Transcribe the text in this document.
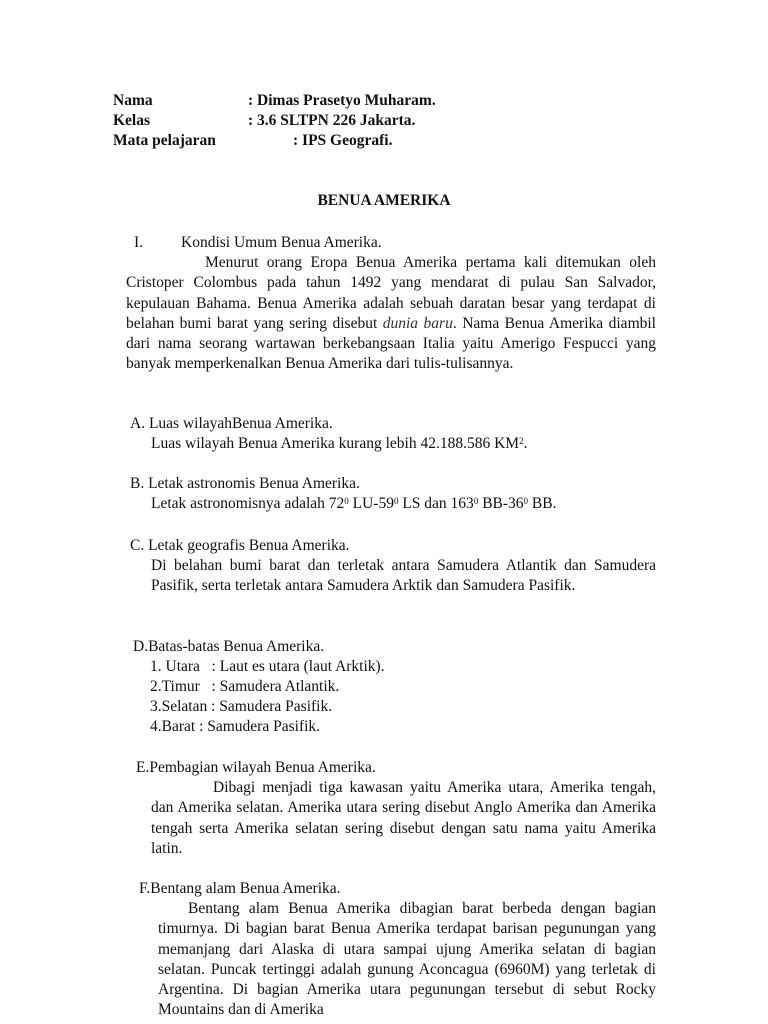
Nama	: Dimas Prasetyo Muharam.
Kelas	: 3.6 SLTPN 226 Jakarta.
Mata pelajaran	: IPS Geografi.
BENUA AMERIKA
I. Kondisi Umum Benua Amerika.
Menurut orang Eropa Benua Amerika pertama kali ditemukan oleh Cristoper Colombus pada tahun 1492 yang mendarat di pulau San Salvador, kepulauan Bahama. Benua Amerika adalah sebuah daratan besar yang terdapat di belahan bumi barat yang sering disebut dunia baru. Nama Benua Amerika diambil dari nama seorang wartawan berkebangsaan Italia yaitu Amerigo Fespucci yang banyak memperkenalkan Benua Amerika dari tulis-tulisannya.
A. Luas wilayahBenua Amerika.
Luas wilayah Benua Amerika kurang lebih 42.188.586 $KM^2$.
B. Letak astronomis Benua Amerika.
Letak astronomisnya adalah $72^0$ $LU-59^0$ LS dan $163^0$ $BB-36^0$ BB.
C. Letak geografis Benua Amerika.
Di belahan bumi barat dan terletak antara Samudera Atlantik dan Samudera Pasifik, serta terletak antara Samudera Arktik dan Samudera Pasifik.
D.Batas-batas Benua Amerika.
1. Utara   : Laut es utara (laut Arktik).
2.Timur   : Samudera Atlantik.
3.Selatan : Samudera Pasifik.
4.Barat : Samudera Pasifik.
E.Pembagian wilayah Benua Amerika.
Dibagi menjadi tiga kawasan yaitu Amerika utara, Amerika tengah, dan Amerika selatan. Amerika utara sering disebut Anglo Amerika dan Amerika tengah serta Amerika selatan sering disebut dengan satu nama yaitu Amerika latin.
F.Bentang alam Benua Amerika.
Bentang alam Benua Amerika dibagian barat berbeda dengan bagian timurnya. Di bagian barat Benua Amerika terdapat barisan pegunungan yang memanjang dari Alaska di utara sampai ujung Amerika selatan di bagian selatan. Puncak tertinggi adalah gunung Aconcagua (6960M) yang terletak di Argentina. Di bagian Amerika utara pegunungan tersebut di sebut Rocky Mountains dan di Amerika
